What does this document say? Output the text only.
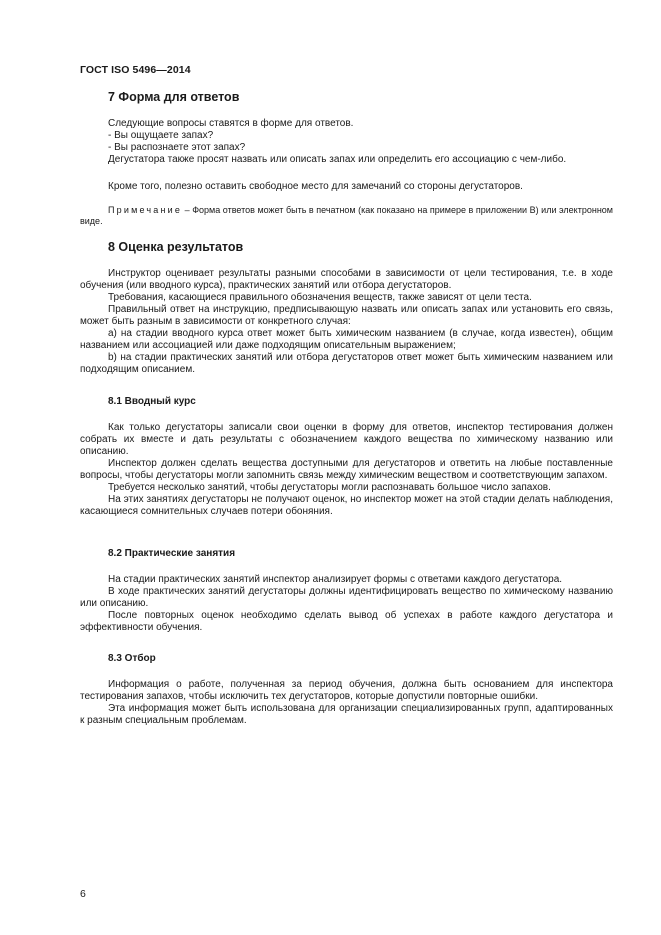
ГОСТ ISO 5496—2014
7 Форма для ответов

Следующие вопросы ставятся в форме для ответов.

- Вы ощущаете запах?

- Вы распознаете этот запах?

Дегустатора также просят назвать или описать запах или определить его ассоциацию с чем-либо.

Кроме того, полезно оставить свободное место для замечаний со стороны дегустаторов.

Примечание – Форма ответов может быть в печатном (как показано на примере в приложении В) или электронном виде.

8 Оценка результатов

Инструктор оценивает результаты разными способами в зависимости от цели тестирования, т.е. в ходе обучения (или вводного курса), практических занятий или отбора дегустаторов.

Требования, касающиеся правильного обозначения веществ, также зависят от цели теста.

Правильный ответ на инструкцию, предписывающую назвать или описать запах или установить его связь, может быть разным в зависимости от конкретного случая:

a) на стадии вводного курса ответ может быть химическим названием (в случае, когда известен), общим названием или ассоциацией или даже подходящим описательным выражением;

b) на стадии практических занятий или отбора дегустаторов ответ может быть химическим названием или подходящим описанием.

8.1 Вводный курс

Как только дегустаторы записали свои оценки в форму для ответов, инспектор тестирования должен собрать их вместе и дать результаты с обозначением каждого вещества по химическому названию или описанию.

Инспектор должен сделать вещества доступными для дегустаторов и ответить на любые поставленные вопросы, чтобы дегустаторы могли запомнить связь между химическим веществом и соответствующим запахом.

Требуется несколько занятий, чтобы дегустаторы могли распознавать большое число запахов.

На этих занятиях дегустаторы не получают оценок, но инспектор может на этой стадии делать наблюдения, касающиеся сомнительных случаев потери обоняния.

8.2 Практические занятия

На стадии практических занятий инспектор анализирует формы с ответами каждого дегустатора.

В ходе практических занятий дегустаторы должны идентифицировать вещество по химическому названию или описанию.

После повторных оценок необходимо сделать вывод об успехах в работе каждого дегустатора и эффективности обучения.

8.3 Отбор

Информация о работе, полученная за период обучения, должна быть основанием для инспектора тестирования запахов, чтобы исключить тех дегустаторов, которые допустили повторные ошибки.

Эта информация может быть использована для организации специализированных групп, адаптированных к разным специальным проблемам.

6
